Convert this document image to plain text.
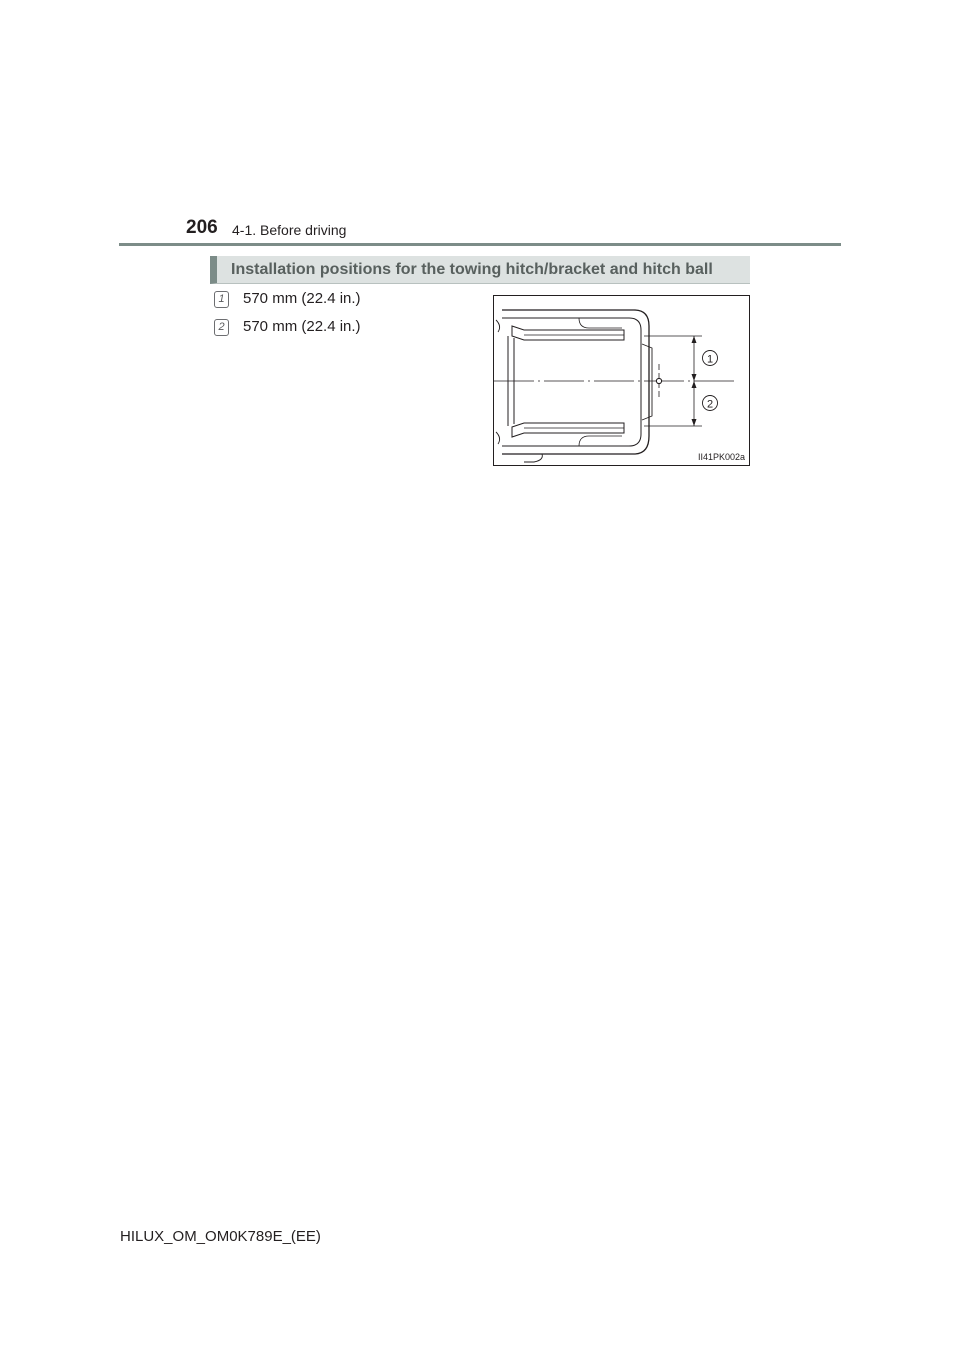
206 4-1. Before driving
Installation positions for the towing hitch/bracket and hitch ball
1 570 mm (22.4 in.)
2 570 mm (22.4 in.)
1
2
II41PK002a
HILUX_OM_OM0K789E_(EE)
